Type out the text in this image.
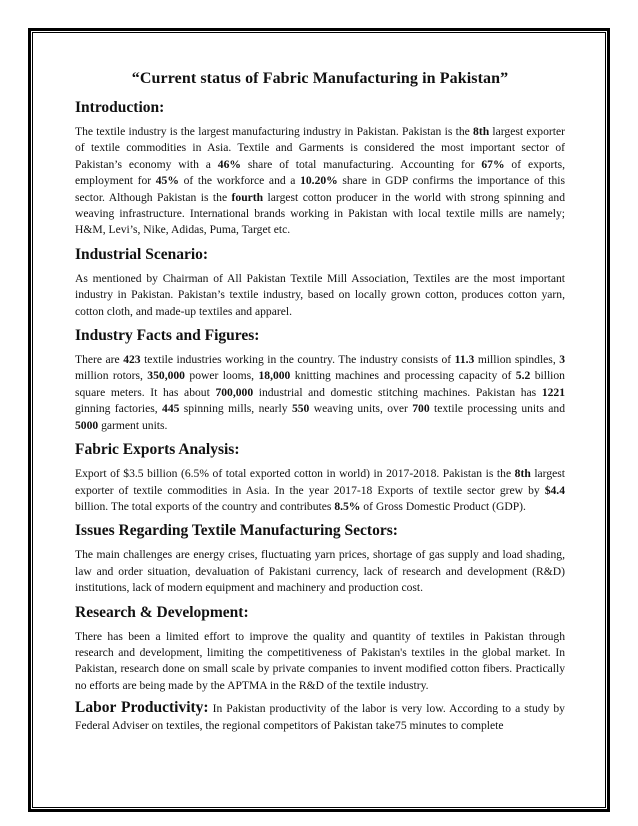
“Current status of Fabric Manufacturing in Pakistan”
Introduction:

The textile industry is the largest manufacturing industry in Pakistan. Pakistan is the 8th largest exporter of textile commodities in Asia. Textile and Garments is considered the most important sector of Pakistan’s economy with a 46% share of total manufacturing. Accounting for 67% of exports, employment for 45% of the workforce and a 10.20% share in GDP confirms the importance of this sector. Although Pakistan is the fourth largest cotton producer in the world with strong spinning and weaving infrastructure. International brands working in Pakistan with local textile mills are namely; H&M, Levi’s, Nike, Adidas, Puma, Target etc.

Industrial Scenario:

As mentioned by Chairman of All Pakistan Textile Mill Association, Textiles are the most important industry in Pakistan. Pakistan’s textile industry, based on locally grown cotton, produces cotton yarn, cotton cloth, and made-up textiles and apparel.

Industry Facts and Figures:

There are 423 textile industries working in the country. The industry consists of 11.3 million spindles, 3 million rotors, 350,000 power looms, 18,000 knitting machines and processing capacity of 5.2 billion square meters. It has about 700,000 industrial and domestic stitching machines. Pakistan has 1221 ginning factories, 445 spinning mills, nearly 550 weaving units, over 700 textile processing units and 5000 garment units.

Fabric Exports Analysis:

Export of $3.5 billion (6.5% of total exported cotton in world) in 2017-2018. Pakistan is the 8th largest exporter of textile commodities in Asia. In the year 2017-18 Exports of textile sector grew by $4.4 billion. The total exports of the country and contributes 8.5% of Gross Domestic Product (GDP).

Issues Regarding Textile Manufacturing Sectors:

The main challenges are energy crises, fluctuating yarn prices, shortage of gas supply and load shading, law and order situation, devaluation of Pakistani currency, lack of research and development (R&D) institutions, lack of modern equipment and machinery and production cost.

Research & Development:

There has been a limited effort to improve the quality and quantity of textiles in Pakistan through research and development, limiting the competitiveness of Pakistan's textiles in the global market. In Pakistan, research done on small scale by private companies to invent modified cotton fibers. Practically no efforts are being made by the APTMA in the R&D of the textile industry.

Labor Productivity: In Pakistan productivity of the labor is very low. According to a study by Federal Adviser on textiles, the regional competitors of Pakistan take75 minutes to complete
